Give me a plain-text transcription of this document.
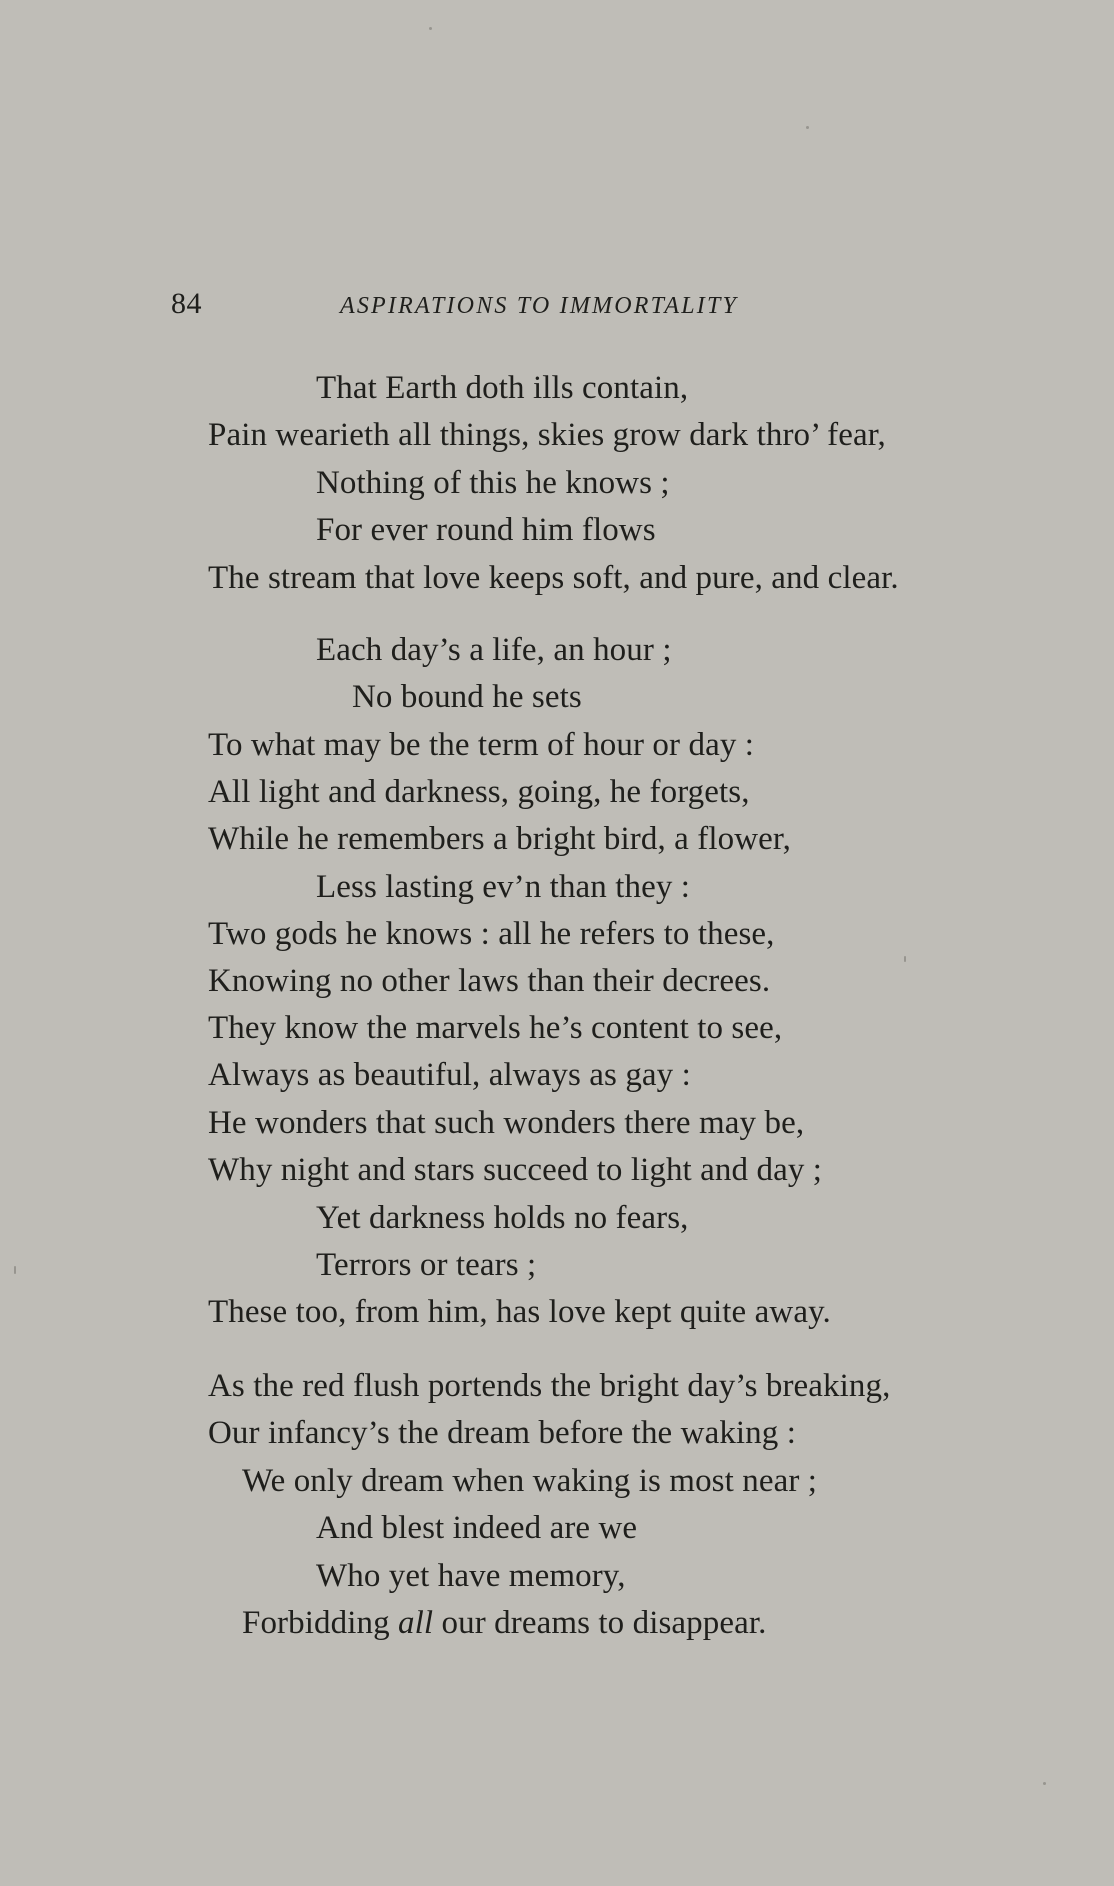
84	ASPIRATIONS TO IMMORTALITY
That Earth doth ills contain,
Pain wearieth all things, skies grow dark thro’ fear,
Nothing of this he knows ;
For ever round him flows
The stream that love keeps soft, and pure, and clear.
Each day’s a life, an hour ;
No bound he sets
To what may be the term of hour or day :
All light and darkness, going, he forgets,
While he remembers a bright bird, a flower,
Less lasting ev’n than they :
Two gods he knows : all he refers to these,
Knowing no other laws than their decrees.
They know the marvels he’s content to see,
Always as beautiful, always as gay :
He wonders that such wonders there may be,
Why night and stars succeed to light and day ;
Yet darkness holds no fears,
Terrors or tears ;
These too, from him, has love kept quite away.
As the red flush portends the bright day’s breaking,
Our infancy’s the dream before the waking :
We only dream when waking is most near ;
And blest indeed are we
Who yet have memory,
Forbidding all our dreams to disappear.
